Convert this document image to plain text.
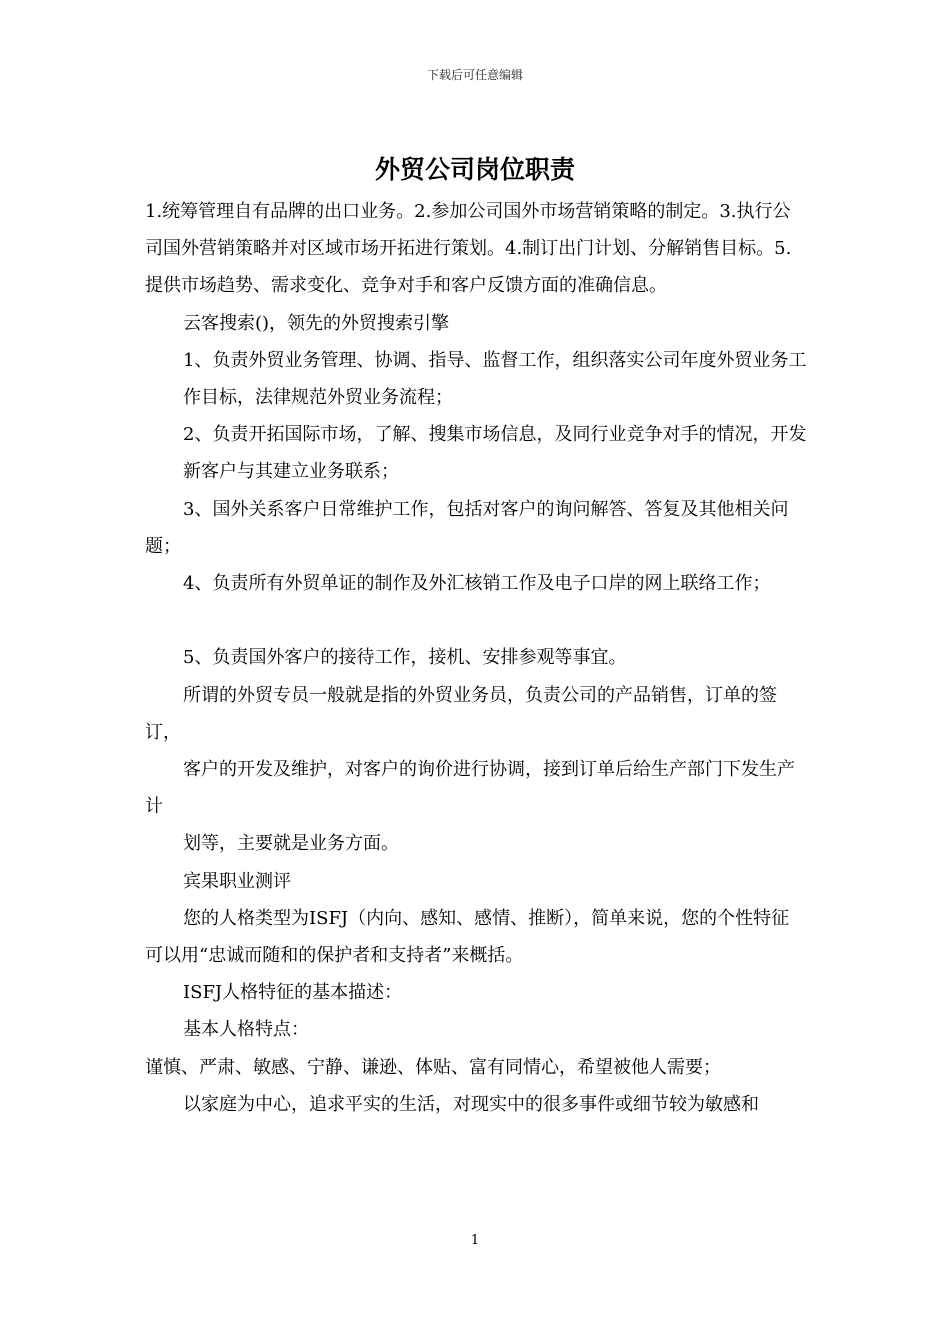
下载后可任意编辑
外贸公司岗位职责

1.统筹管理自有品牌的出口业务。2.参加公司国外市场营销策略的制定。3.执行公司国外营销策略并对区域市场开拓进行策划。4.制订出门计划、分解销售目标。5.提供市场趋势、需求变化、竞争对手和客户反馈方面的准确信息。

云客搜索()，领先的外贸搜索引擎

1、负责外贸业务管理、协调、指导、监督工作，组织落实公司年度外贸业务工

作目标，法律规范外贸业务流程；

2、负责开拓国际市场，了解、搜集市场信息，及同行业竞争对手的情况，开发

新客户与其建立业务联系；

3、国外关系客户日常维护工作，包括对客户的询问解答、答复及其他相关问题；

4、负责所有外贸单证的制作及外汇核销工作及电子口岸的网上联络工作；

5、负责国外客户的接待工作，接机、安排参观等事宜。

所谓的外贸专员一般就是指的外贸业务员，负责公司的产品销售，订单的签订，

客户的开发及维护，对客户的询价进行协调，接到订单后给生产部门下发生产计

划等，主要就是业务方面。

宾果职业测评

您的人格类型为ISFJ（内向、感知、感情、推断），简单来说，您的个性特征可以用“忠诚而随和的保护者和支持者”来概括。

ISFJ人格特征的基本描述：

基本人格特点：

谨慎、严肃、敏感、宁静、谦逊、体贴、富有同情心，希望被他人需要；

以家庭为中心，追求平实的生活，对现实中的很多事件或细节较为敏感和

1
